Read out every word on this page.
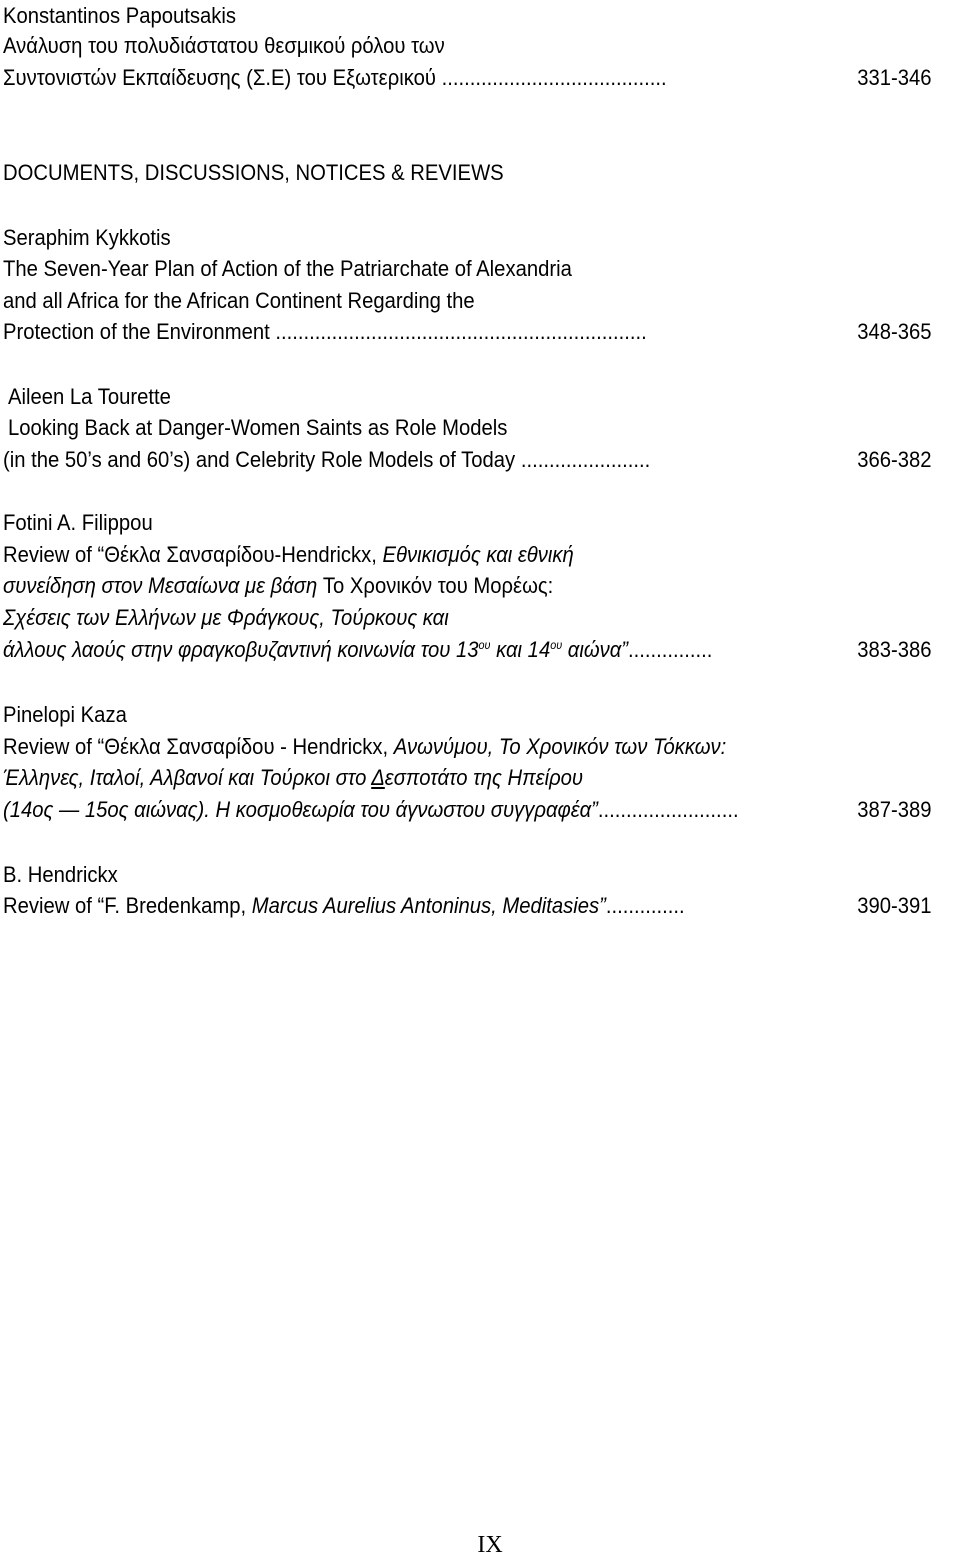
Konstantinos Papoutsakis
Ανάλυση του πολυδιάστατου θεσμικού ρόλου των
Συντονιστών Εκπαίδευσης (Σ.Ε) του Εξωτερικού ........................................	331-346
DOCUMENTS, DISCUSSIONS, NOTICES & REVIEWS
Seraphim Kykkotis
The Seven-Year Plan of Action of the Patriarchate of Alexandria
and all Africa for the African Continent Regarding the
Protection of the Environment ..................................................................	348-365
Aileen La Tourette
Looking Back at Danger-Women Saints as Role Models
(in the 50’s and 60’s) and Celebrity Role Models of Today .......................	366-382
Fotini A. Filippou
Review of “Θέκλα Σανσαρίδου-Hendrickx, Εθνικισμός και εθνική
συνείδηση στον Μεσαίωνα με βάση Το Χρονικόν του Μορέως:
Σχέσεις των Ελλήνων με Φράγκους, Τούρκους και
άλλους λαούς στην φραγκοβυζαντινή κοινωνία του $13^{o\upsilon}$ και $14^{o\upsilon}$ αιώνα”...............	383-386
Pinelopi Kaza
Review of “Θέκλα Σανσαρίδου - Hendrickx, Ανωνύμου, Το Χρονικόν των Τόκκων:
Έλληνες, Ιταλοί, Αλβανοί και Τούρκοι στο Δεσποτάτο της Ηπείρου
(14ος ― 15ος αιώνας). Η κοσμοθεωρία του άγνωστου συγγραφέα”.........................	387-389
B. Hendrickx
Review of “F. Bredenkamp, Marcus Aurelius Antoninus, Meditasies”..............	390-391
IX
